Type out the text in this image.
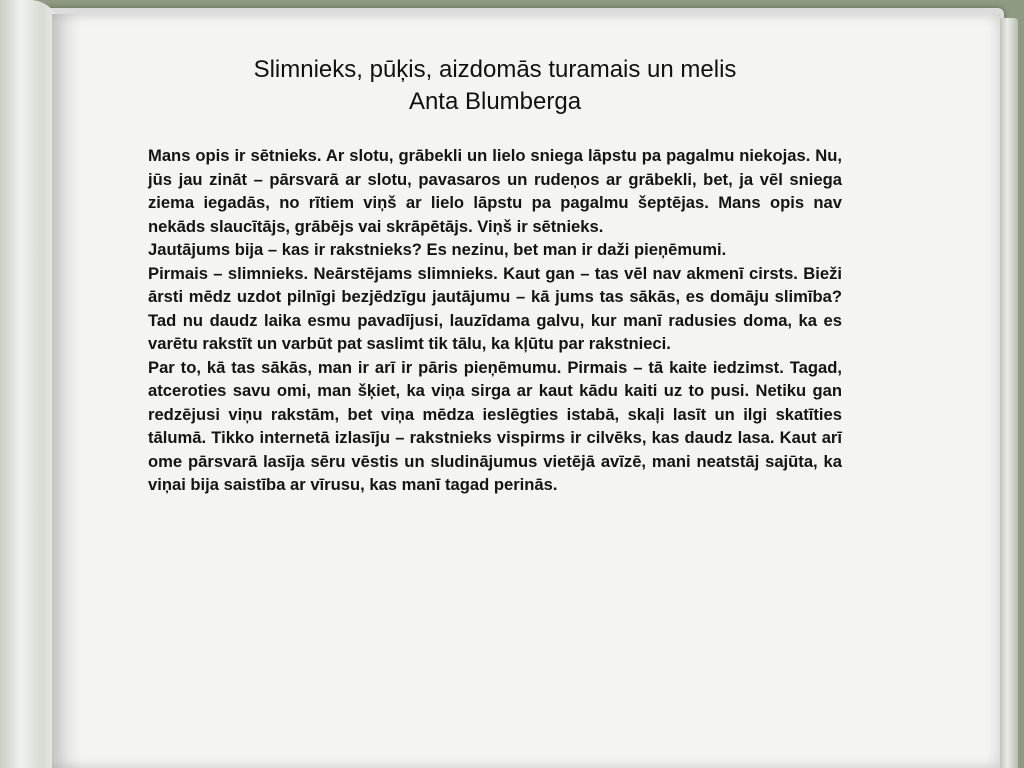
Slimnieks, pūķis, aizdomās turamais un melis

Anta Blumberga

Mans opis ir sētnieks. Ar slotu, grābekli un lielo sniega lāpstu pa pagalmu niekojas. Nu, jūs jau zināt – pārsvarā ar slotu, pavasaros un rudeņos ar grābekli, bet, ja vēl sniega ziema iegadās, no rītiem viņš ar lielo lāpstu pa pagalmu šeptējas. Mans opis nav nekāds slaucītājs, grābējs vai skrāpētājs. Viņš ir sētnieks.

Jautājums bija – kas ir rakstnieks? Es nezinu, bet man ir daži pieņēmumi.

Pirmais – slimnieks. Neārstējams slimnieks. Kaut gan – tas vēl nav akmenī cirsts. Bieži ārsti mēdz uzdot pilnīgi bezjēdzīgu jautājumu – kā jums tas sākās, es domāju slimība? Tad nu daudz laika esmu pavadījusi, lauzīdama galvu, kur manī radusies doma, ka es varētu rakstīt un varbūt pat saslimt tik tālu, ka kļūtu par rakstnieci.

Par to, kā tas sākās, man ir arī ir pāris pieņēmumu. Pirmais – tā kaite iedzimst. Tagad, atceroties savu omi, man šķiet, ka viņa sirga ar kaut kādu kaiti uz to pusi. Netiku gan redzējusi viņu rakstām, bet viņa mēdza ieslēgties istabā, skaļi lasīt un ilgi skatīties tālumā. Tikko internetā izlasīju – rakstnieks vispirms ir cilvēks, kas daudz lasa. Kaut arī ome pārsvarā lasīja sēru vēstis un sludinājumus vietējā avīzē, mani neatstāj sajūta, ka viņai bija saistība ar vīrusu, kas manī tagad perinās.
